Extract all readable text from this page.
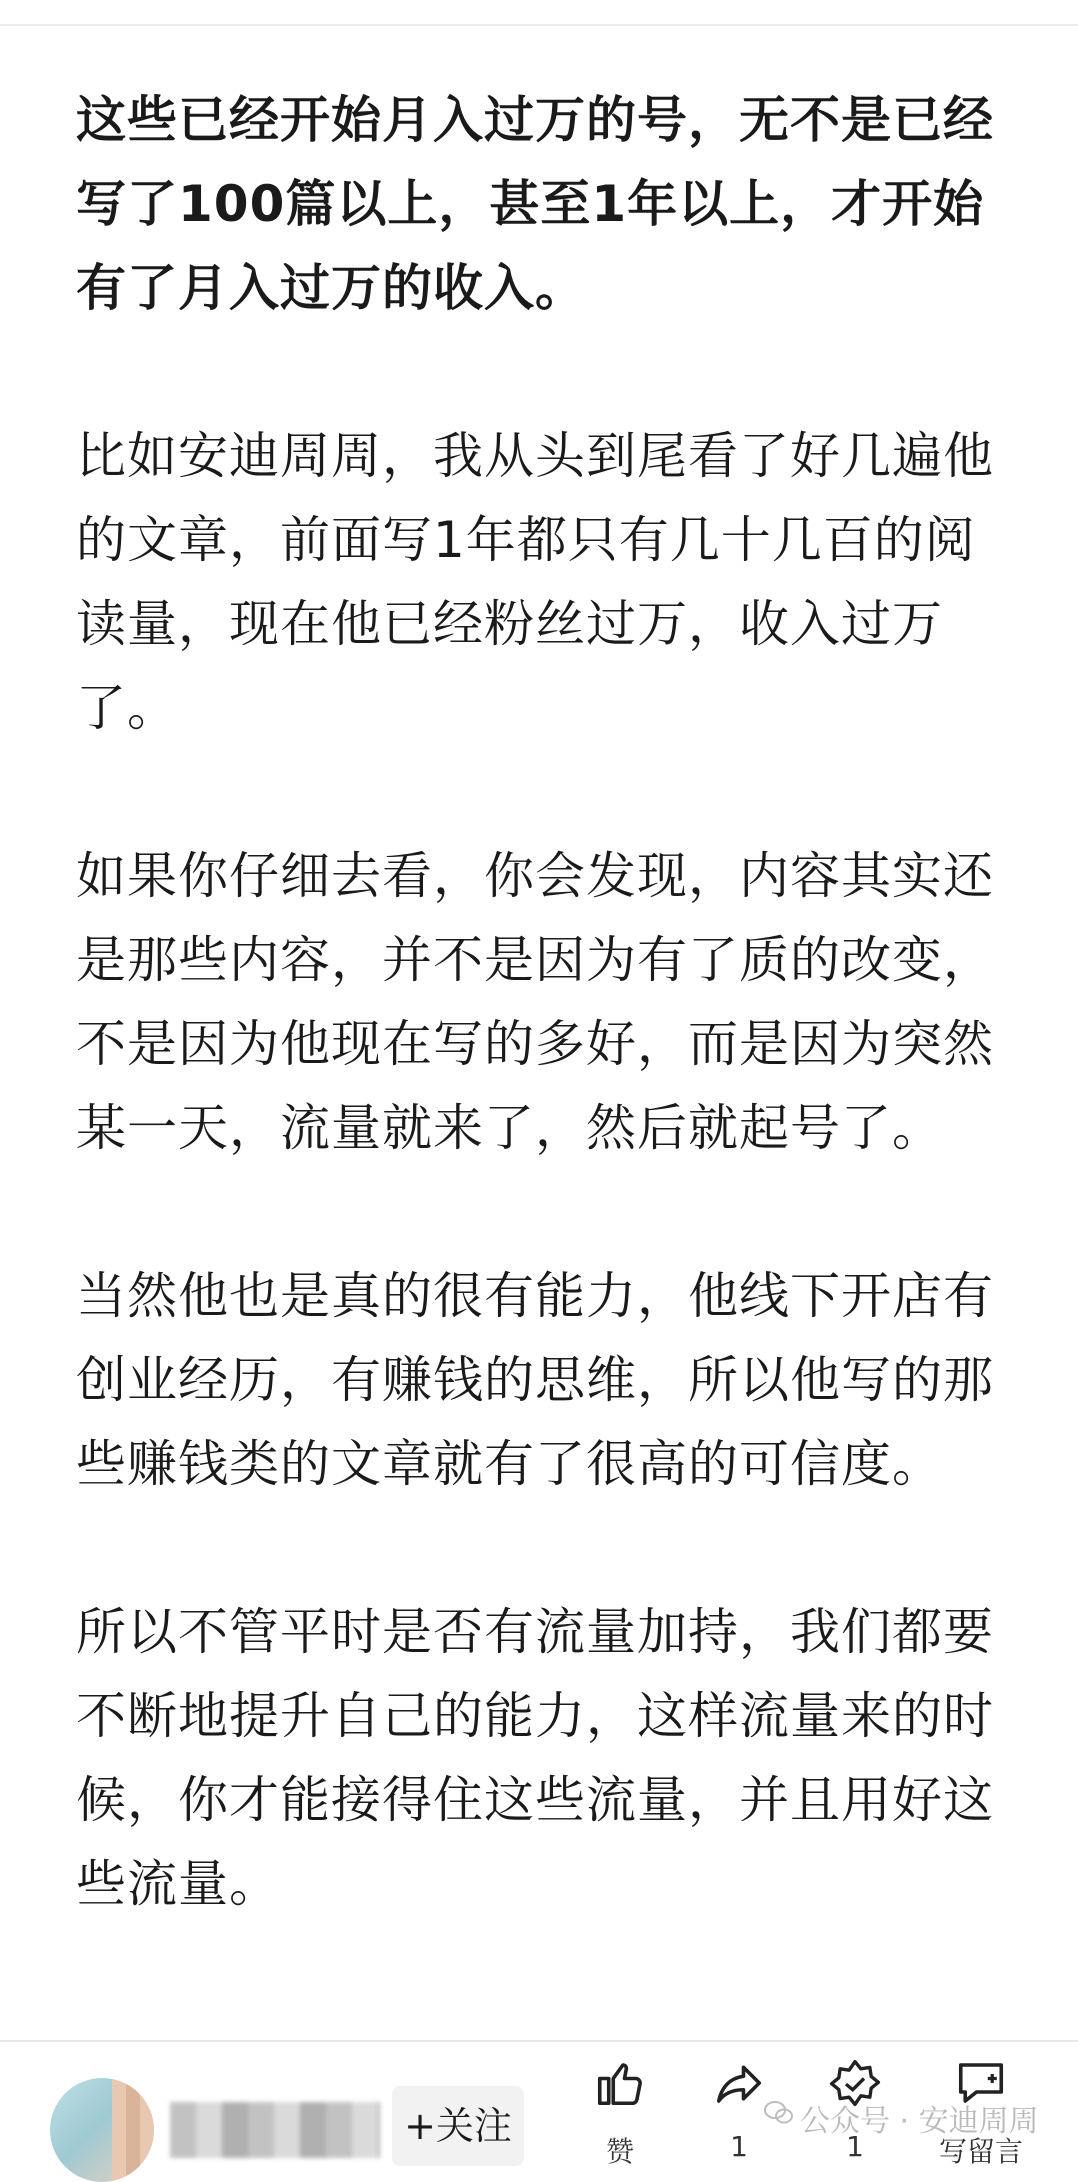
这些已经开始月入过万的号，无不是已经写了100篇以上，甚至1年以上，才开始有了月入过万的收入。

比如安迪周周，我从头到尾看了好几遍他的文章，前面写1年都只有几十几百的阅读量，现在他已经粉丝过万，收入过万了。

如果你仔细去看，你会发现，内容其实还是那些内容，并不是因为有了质的改变，不是因为他现在写的多好，而是因为突然某一天，流量就来了，然后就起号了。

当然他也是真的很有能力，他线下开店有创业经历，有赚钱的思维，所以他写的那些赚钱类的文章就有了很高的可信度。

所以不管平时是否有流量加持，我们都要不断地提升自己的能力，这样流量来的时候，你才能接得住这些流量，并且用好这些流量。

+关注
赞	1	1	写留言
公众号 · 安迪周周
